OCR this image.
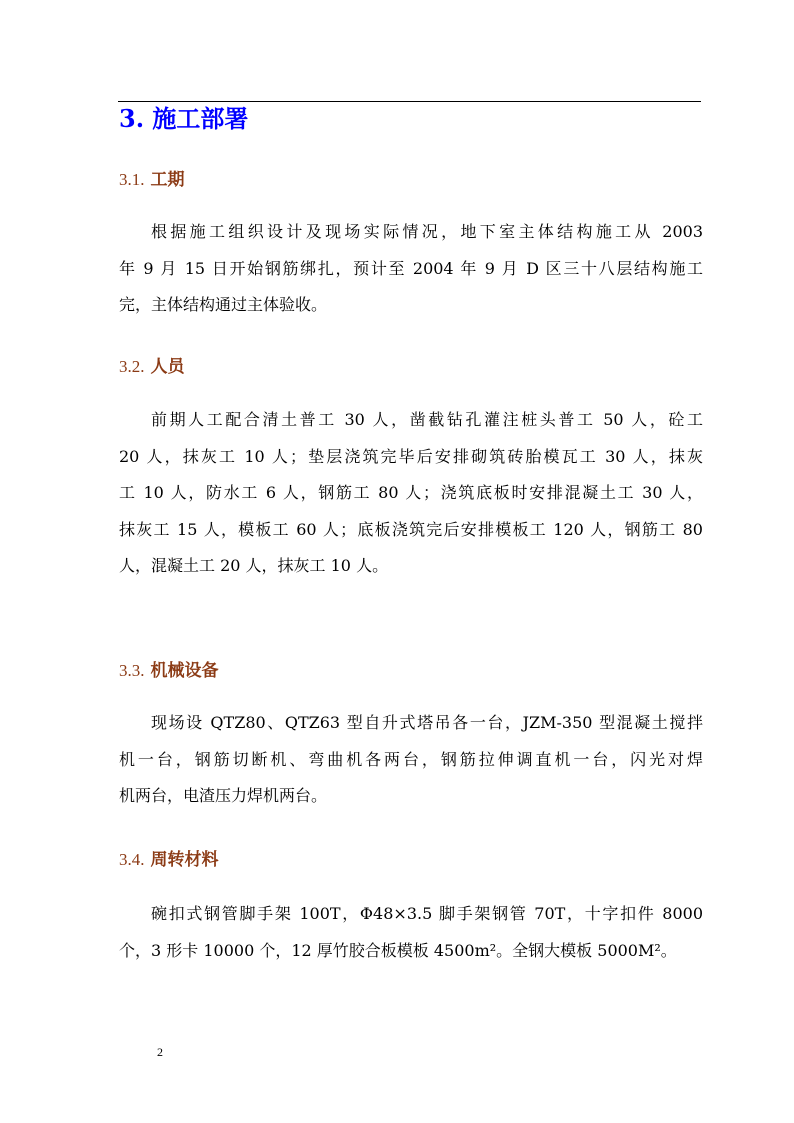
3. 施工部署
3.1. 工期
根据施工组织设计及现场实际情况，地下室主体结构施工从 2003
年 9 月 15 日开始钢筋绑扎，预计至 2004 年 9 月 D 区三十八层结构施工
完，主体结构通过主体验收。
3.2. 人员
前期人工配合清土普工 30 人，凿截钻孔灌注桩头普工 50 人，砼工
20 人，抹灰工 10 人；垫层浇筑完毕后安排砌筑砖胎模瓦工 30 人，抹灰
工 10 人，防水工 6 人，钢筋工 80 人；浇筑底板时安排混凝土工 30 人，
抹灰工 15 人，模板工 60 人；底板浇筑完后安排模板工 120 人，钢筋工 80
人，混凝土工 20 人，抹灰工 10 人。
3.3. 机械设备
现场设 QTZ80、QTZ63 型自升式塔吊各一台，JZM-350 型混凝土搅拌
机一台，钢筋切断机、弯曲机各两台，钢筋拉伸调直机一台，闪光对焊
机两台，电渣压力焊机两台。
3.4. 周转材料
碗扣式钢管脚手架 100T，Φ48×3.5 脚手架钢管 70T，十字扣件 8000
个，3 形卡 10000 个，12 厚竹胶合板模板 4500m²。全钢大模板 5000M²。
2
